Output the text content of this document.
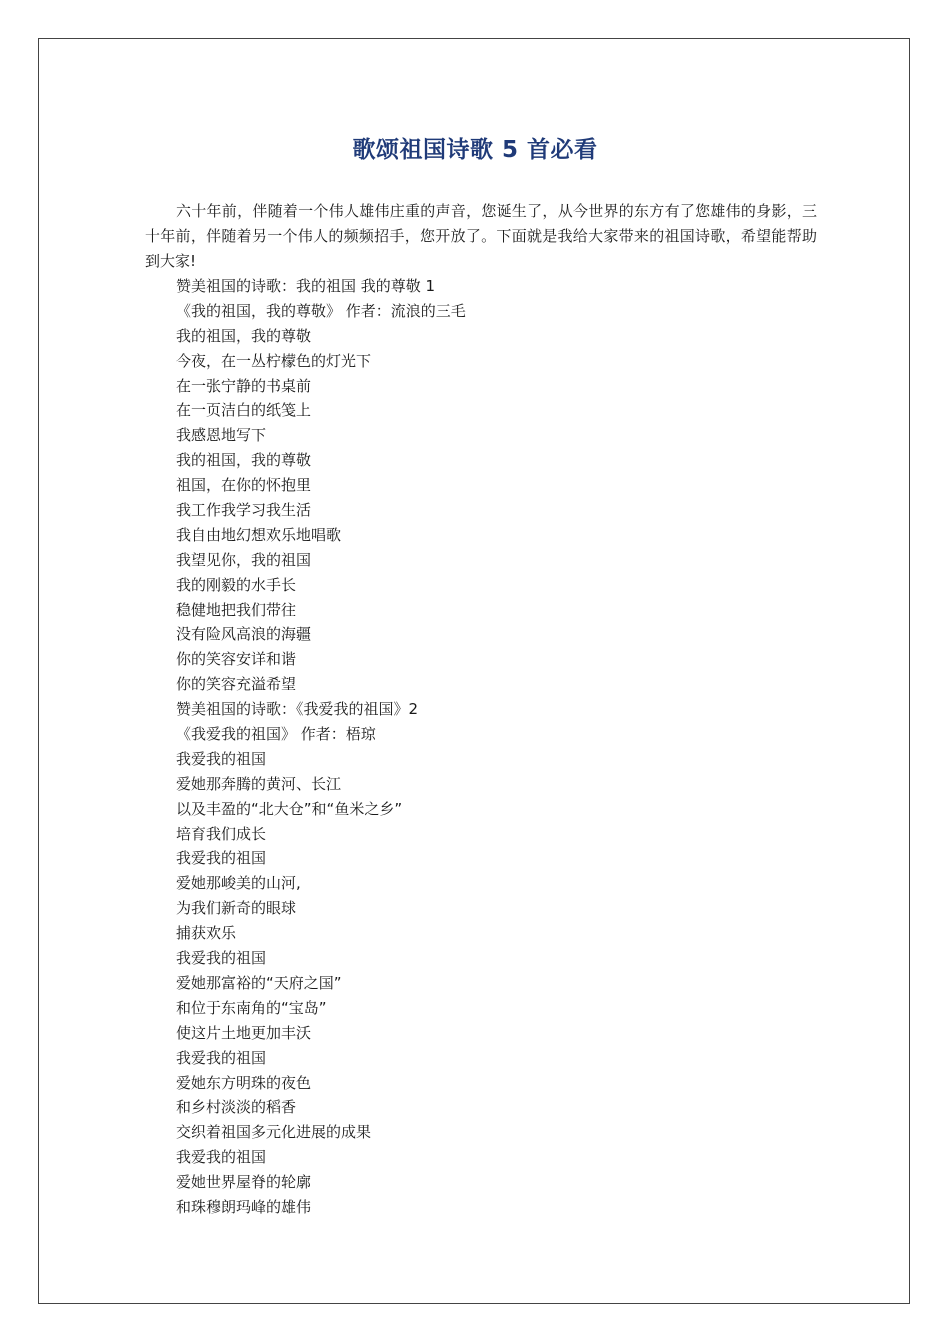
歌颂祖国诗歌 5 首必看

六十年前，伴随着一个伟人雄伟庄重的声音，您诞生了，从今世界的东方有了您雄伟的身影，三十年前，伴随着另一个伟人的频频招手，您开放了。下面就是我给大家带来的祖国诗歌，希望能帮助到大家!

赞美祖国的诗歌：我的祖国 我的尊敬 1
《我的祖国，我的尊敬》 作者：流浪的三毛
我的祖国，我的尊敬
今夜，在一丛柠檬色的灯光下
在一张宁静的书桌前
在一页洁白的纸笺上
我感恩地写下
我的祖国，我的尊敬
祖国，在你的怀抱里
我工作我学习我生活
我自由地幻想欢乐地唱歌
我望见你，我的祖国
我的刚毅的水手长
稳健地把我们带往
没有险风高浪的海疆
你的笑容安详和谐
你的笑容充溢希望
赞美祖国的诗歌：《我爱我的祖国》2
《我爱我的祖国》 作者：梧琼
我爱我的祖国
爱她那奔腾的黄河、长江
以及丰盈的“北大仓”和“鱼米之乡”
培育我们成长
我爱我的祖国
爱她那峻美的山河,
为我们新奇的眼球
捕获欢乐
我爱我的祖国
爱她那富裕的“天府之国”
和位于东南角的“宝岛”
使这片土地更加丰沃
我爱我的祖国
爱她东方明珠的夜色
和乡村淡淡的稻香
交织着祖国多元化进展的成果
我爱我的祖国
爱她世界屋脊的轮廓
和珠穆朗玛峰的雄伟
